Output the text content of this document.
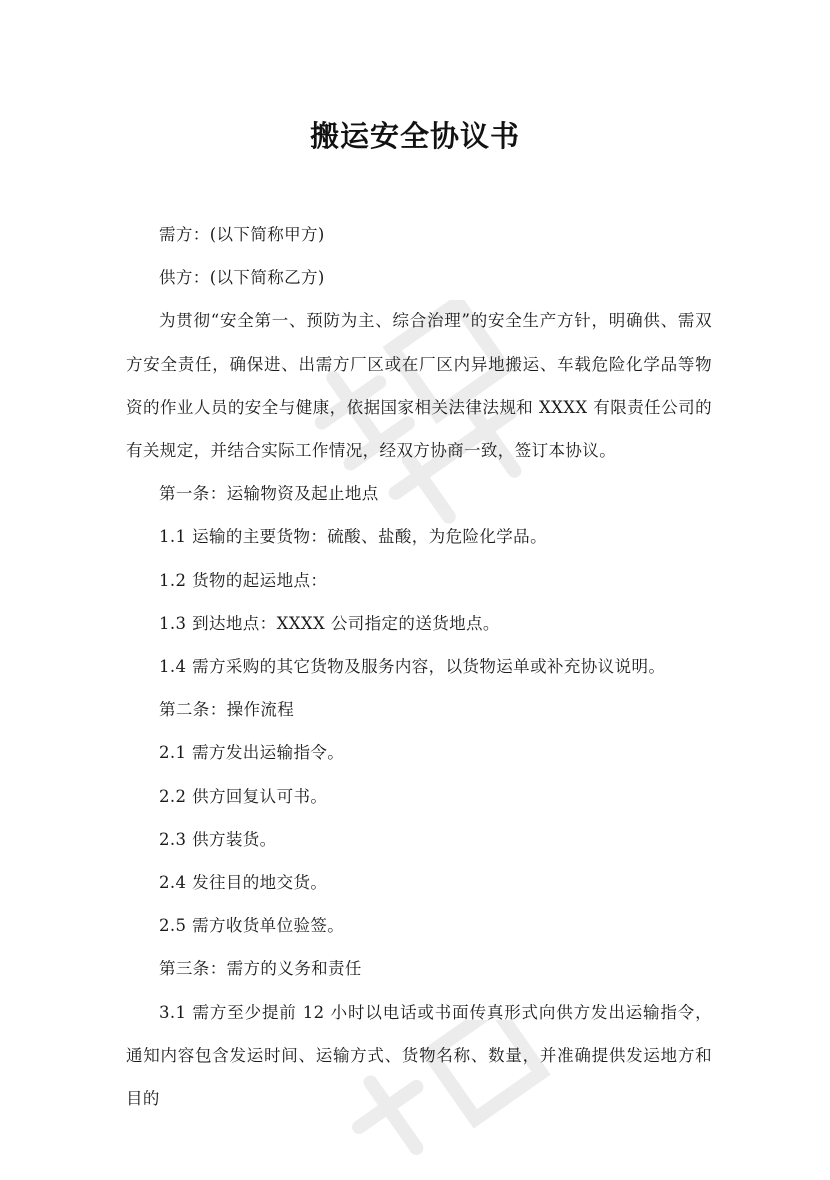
搬运安全协议书

需方：(以下简称甲方)

供方：(以下简称乙方)

为贯彻“安全第一、预防为主、综合治理”的安全生产方针，明确供、需双方安全责任，确保进、出需方厂区或在厂区内异地搬运、车载危险化学品等物资的作业人员的安全与健康，依据国家相关法律法规和 XXXX 有限责任公司的有关规定，并结合实际工作情况，经双方协商一致，签订本协议。

第一条：运输物资及起止地点

1.1 运输的主要货物：硫酸、盐酸，为危险化学品。

1.2 货物的起运地点：

1.3 到达地点：XXXX 公司指定的送货地点。

1.4 需方采购的其它货物及服务内容，以货物运单或补充协议说明。

第二条：操作流程

2.1 需方发出运输指令。

2.2 供方回复认可书。

2.3 供方装货。

2.4 发往目的地交货。

2.5 需方收货单位验签。

第三条：需方的义务和责任

3.1 需方至少提前 12 小时以电话或书面传真形式向供方发出运输指令，通知内容包含发运时间、运输方式、货物名称、数量，并准确提供发运地方和目的
